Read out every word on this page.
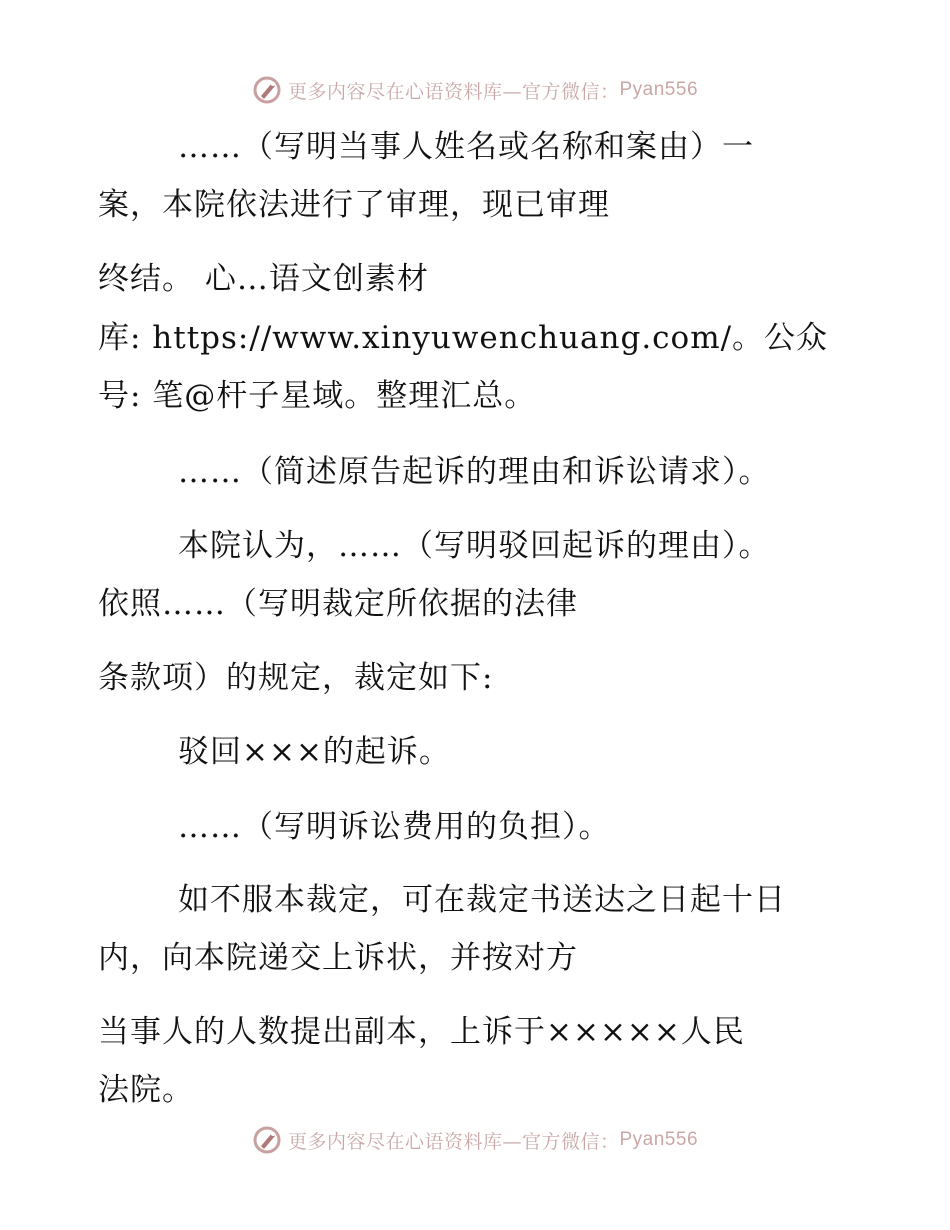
更多内容尽在心语资料库—官方微信： Pyan556
……（写明当事人姓名或名称和案由）一
案，本院依法进行了审理，现已审理
终结。 心…语文创素材
库: https://www.xinyuwenchuang.com/。公众
号: 笔@杆子星域。整理汇总。
……（简述原告起诉的理由和诉讼请求）。
本院认为，……（写明驳回起诉的理由）。
依照……（写明裁定所依据的法律
条款项）的规定，裁定如下:
驳回×××的起诉。
……（写明诉讼费用的负担）。
如不服本裁定，可在裁定书送达之日起十日
内，向本院递交上诉状，并按对方
当事人的人数提出副本，上诉于×××××人民
法院。
更多内容尽在心语资料库—官方微信： Pyan556
